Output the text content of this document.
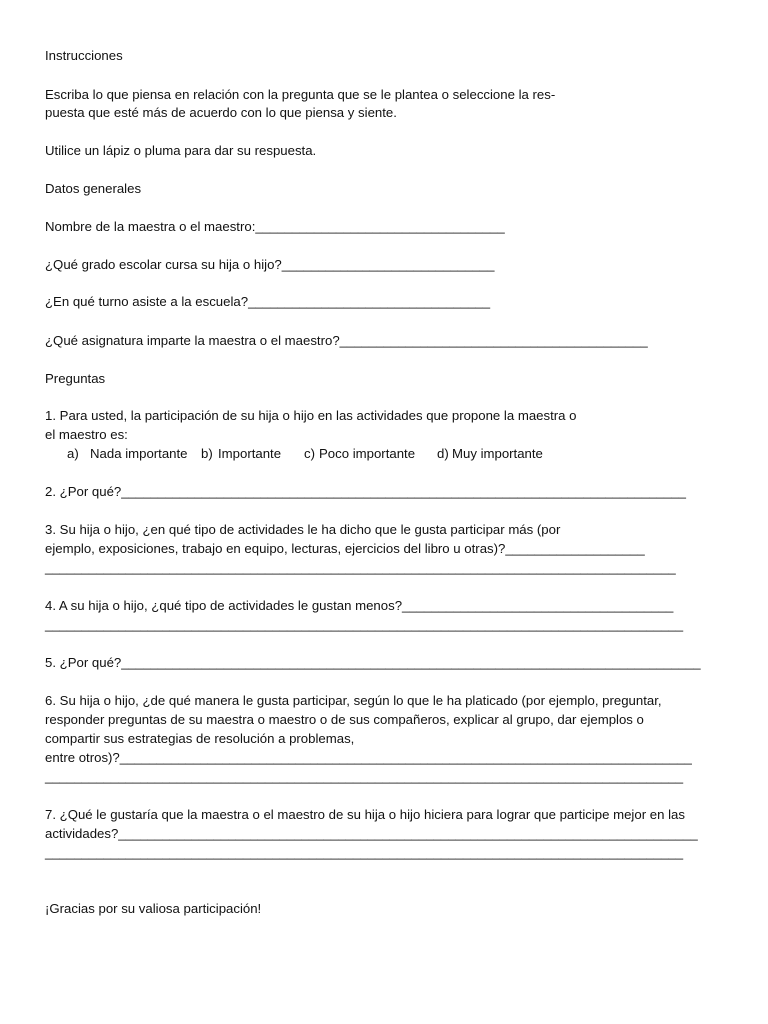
Instrucciones
Escriba lo que piensa en relación con la pregunta que se le plantea o seleccione la res-
puesta que esté más de acuerdo con lo que piensa y siente.
Utilice un lápiz o pluma para dar su respuesta.
Datos generales
Nombre de la maestra o el maestro:__________________________________
¿Qué grado escolar cursa su hija o hijo?_____________________________
¿En qué turno asiste a la escuela?_________________________________
¿Qué asignatura imparte la maestra o el maestro?__________________________________________
Preguntas
1. Para usted, la participación de su hija o hijo en las actividades que propone la maestra o
el maestro es:
a) Nada importante b) Importante c) Poco importante d) Muy importante
2. ¿Por qué?_____________________________________________________________________________
3. Su hija o hijo, ¿en qué tipo de actividades le ha dicho que le gusta participar más (por
ejemplo, exposiciones, trabajo en equipo, lecturas, ejercicios del libro u otras)?___________________
______________________________________________________________________________________
4. A su hija o hijo, ¿qué tipo de actividades le gustan menos?_____________________________________
_______________________________________________________________________________________
5. ¿Por qué?_______________________________________________________________________________
6. Su hija o hijo, ¿de qué manera le gusta participar, según lo que le ha platicado (por ejemplo, preguntar,
responder preguntas de su maestra o maestro o de sus compañeros, explicar al grupo, dar ejemplos o
compartir sus estrategias de resolución a problemas,
entre otros)?______________________________________________________________________________
_______________________________________________________________________________________
7. ¿Qué le gustaría que la maestra o el maestro de su hija o hijo hiciera para lograr que participe mejor en las
actividades?_______________________________________________________________________________
_______________________________________________________________________________________
¡Gracias por su valiosa participación!
